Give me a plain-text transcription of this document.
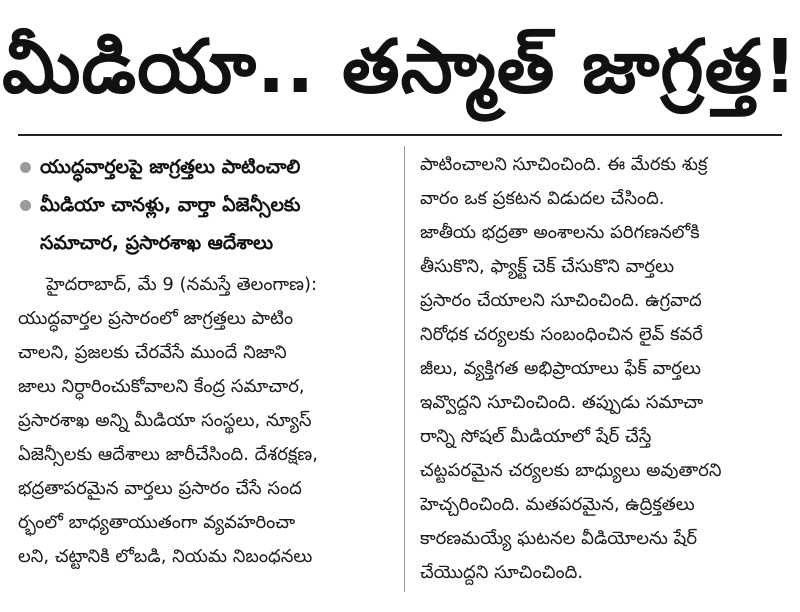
మీడియా.. తస్మాత్ జాగ్రత్త!
యుద్ధవార్తలపై జాగ్రత్తలు పాటించాలి
మీడియా చానళ్లు, వార్తా ఏజెన్సీలకు
సమాచార, ప్రసారశాఖ ఆదేశాలు
హైదరాబాద్, మే 9 (నమస్తే తెలంగాణ):
యుద్ధవార్తల ప్రసారంలో జాగ్రత్తలు పాటిం
చాలని, ప్రజలకు చేరవేసే ముందే నిజాని
జాలు నిర్ధారించుకోవాలని కేంద్ర సమాచార,
ప్రసారశాఖ అన్ని మీడియా సంస్థలు, న్యూస్
ఏజెన్సీలకు ఆదేశాలు జారీచేసింది. దేశరక్షణ,
భద్రతాపరమైన వార్తలు ప్రసారం చేసే సంద
ర్భంలో బాధ్యతాయుతంగా వ్యవహరించా
లని, చట్టానికి లోబడి, నియమ నిబంధనలు
పాటించాలని సూచించింది. ఈ మేరకు శుక్ర
వారం ఒక ప్రకటన విడుదల చేసింది.
జాతీయ భద్రతా అంశాలను పరిగణనలోకి
తీసుకొని, ఫ్యాక్ట్ చెక్ చేసుకొని వార్తలు
ప్రసారం చేయాలని సూచించింది. ఉగ్రవాద
నిరోధక చర్యలకు సంబంధించిన లైవ్ కవరే
జీలు, వ్యక్తిగత అభిప్రాయాలు ఫేక్ వార్తలు
ఇవ్వొద్దని సూచించింది. తప్పుడు సమాచా
రాన్ని సోషల్ మీడియాలో షేర్ చేస్తే
చట్టపరమైన చర్యలకు బాధ్యులు అవుతారని
హెచ్చరించింది. మతపరమైన, ఉద్రిక్తతలు
కారణమయ్యే ఘటనల వీడియోలను షేర్
చేయొద్దని సూచించింది.
